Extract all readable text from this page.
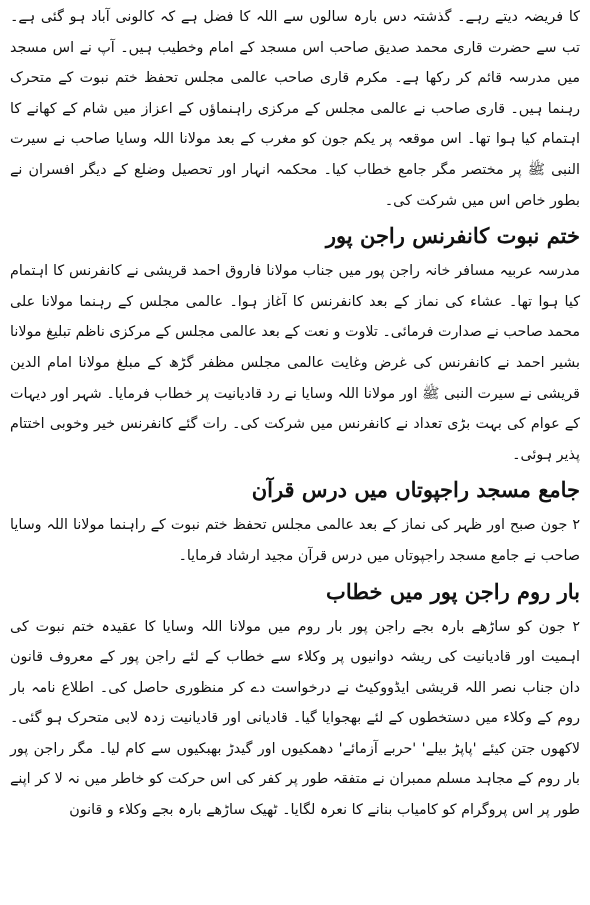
کا فریضہ دیتے رہے۔ گذشتہ دس بارہ سالوں سے اللہ کا فضل ہے کہ کالونی آباد ہو گئی ہے۔ تب سے حضرت قاری محمد صدیق صاحب اس مسجد کے امام وخطیب ہیں۔ آپ نے اس مسجد میں مدرسہ قائم کر رکھا ہے۔ مکرم قاری صاحب عالمی مجلس تحفظ ختم نبوت کے متحرک رہنما ہیں۔ قاری صاحب نے عالمی مجلس کے مرکزی راہنماؤں کے اعزاز میں شام کے کھانے کا اہتمام کیا ہوا تھا۔ اس موقعہ پر یکم جون کو مغرب کے بعد مولانا اللہ وسایا صاحب نے سیرت النبی ﷺ پر مختصر مگر جامع خطاب کیا۔ محکمہ انہار اور تحصیل وضلع کے دیگر افسران نے بطور خاص اس میں شرکت کی۔

ختم نبوت کانفرنس راجن پور

مدرسہ عربیہ مسافر خانہ راجن پور میں جناب مولانا فاروق احمد قریشی نے کانفرنس کا اہتمام کیا ہوا تھا۔ عشاء کی نماز کے بعد کانفرنس کا آغاز ہوا۔ عالمی مجلس کے رہنما مولانا علی محمد صاحب نے صدارت فرمائی۔ تلاوت و نعت کے بعد عالمی مجلس کے مرکزی ناظم تبلیغ مولانا بشیر احمد نے کانفرنس کی غرض وغایت عالمی مجلس مظفر گڑھ کے مبلغ مولانا امام الدین قریشی نے سیرت النبی ﷺ اور مولانا اللہ وسایا نے رد قادیانیت پر خطاب فرمایا۔ شہر اور دیہات کے عوام کی بہت بڑی تعداد نے کانفرنس میں شرکت کی۔ رات گئے کانفرنس خیر وخوبی اختتام پذیر ہوئی۔

جامع مسجد راجپوتاں میں درس قرآن

۲ جون صبح اور ظہر کی نماز کے بعد عالمی مجلس تحفظ ختم نبوت کے راہنما مولانا اللہ وسایا صاحب نے جامع مسجد راجپوتاں میں درس قرآن مجید ارشاد فرمایا۔

بار روم راجن پور میں خطاب

۲ جون کو ساڑھے بارہ بجے راجن پور بار روم میں مولانا اللہ وسایا کا عقیدہ ختم نبوت کی اہمیت اور قادیانیت کی ریشہ دوانیوں پر وکلاء سے خطاب کے لئے راجن پور کے معروف قانون دان جناب نصر اللہ قریشی ایڈووکیٹ نے درخواست دے کر منظوری حاصل کی۔ اطلاع نامہ بار روم کے وکلاء میں دستخطوں کے لئے بھجوایا گیا۔ قادیانی اور قادیانیت زدہ لابی متحرک ہو گئی۔ لاکھوں جتن کیئے 'پاپڑ بیلے' 'حربے آزمائے' دھمکیوں اور گیدڑ بھبکیوں سے کام لیا۔ مگر راجن پور بار روم کے مجاہد مسلم ممبران نے متفقہ طور پر کفر کی اس حرکت کو خاطر میں نہ لا کر اپنے طور پر اس پروگرام کو کامیاب بنانے کا نعرہ لگایا۔ ٹھیک ساڑھے بارہ بجے وکلاء و قانون
